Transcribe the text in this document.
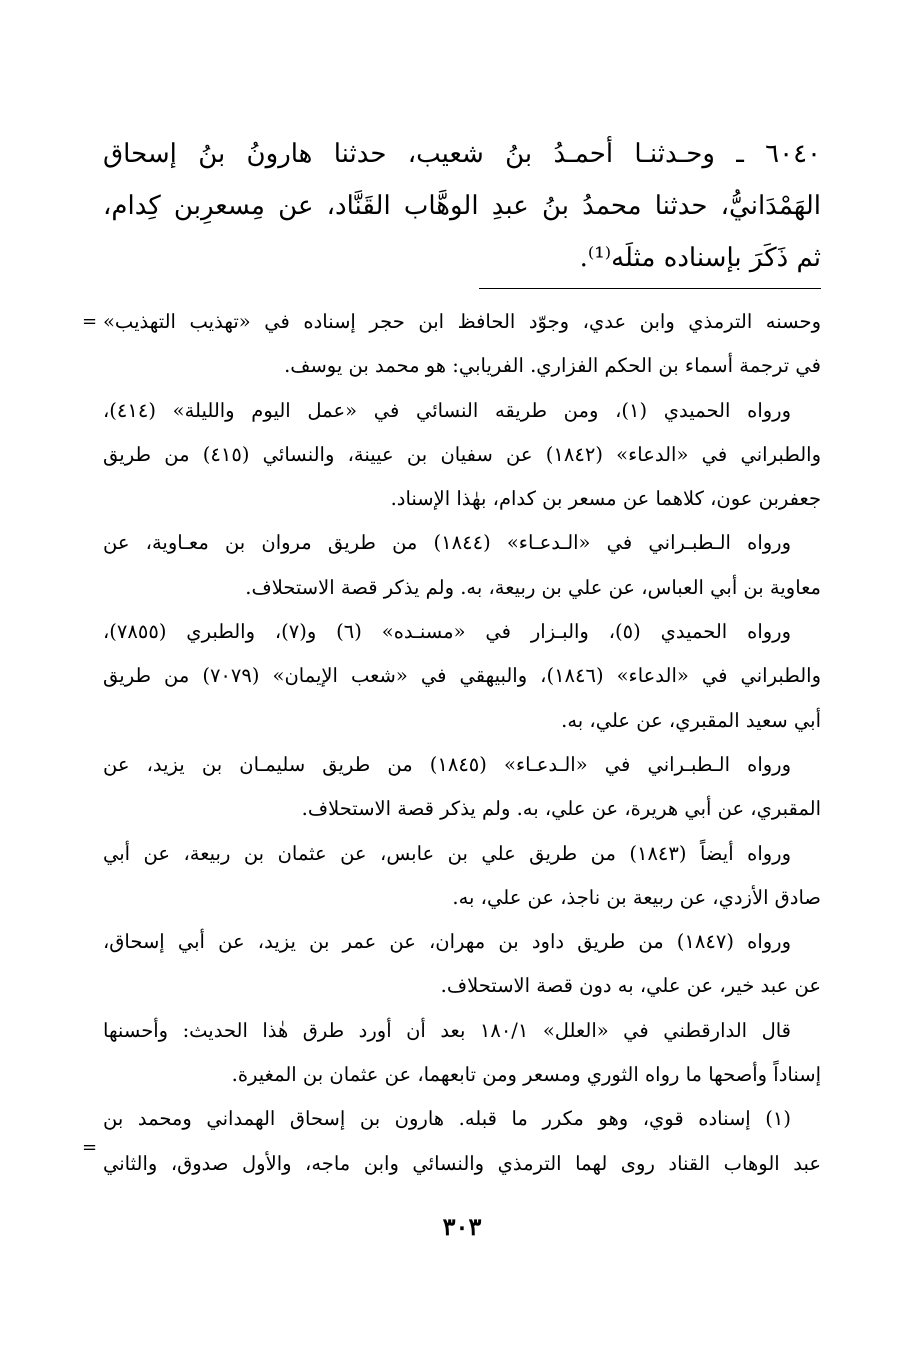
٦٠٤٠ ـ وحـدثنـا أحمـدُ بنُ شعيب، حدثنا هارونُ بنُ إسحاق
الهَمْدَانيُّ، حدثنا محمدُ بنُ عبدِ الوهَّاب القَنَّاد، عن مِسعرِبن كِدام،
ثم ذَكَرَ بإسناده مثلَه⁽¹⁾.
= وحسنه الترمذي وابن عدي، وجوّد الحافظ ابن حجر إسناده في «تهذيب التهذيب»
في ترجمة أسماء بن الحكم الفزاري. الفريابي: هو محمد بن يوسف.
ورواه الحميدي (١)، ومن طريقه النسائي في «عمل اليوم والليلة» (٤١٤)،
والطبراني في «الدعاء» (١٨٤٢) عن سفيان بن عيينة، والنسائي (٤١٥) من طريق
جعفربن عون، كلاهما عن مسعر بن كدام، بهٰذا الإسناد.
ورواه الـطبـراني في «الـدعـاء» (١٨٤٤) من طريق مروان بن معـاوية، عن
معاوية بن أبي العباس، عن علي بن ربيعة، به. ولم يذكر قصة الاستحلاف.
ورواه الحميدي (٥)، والبـزار في «مسنـده» (٦) و(٧)، والطبري (٧٨٥٥)،
والطبراني في «الدعاء» (١٨٤٦)، والبيهقي في «شعب الإيمان» (٧٠٧٩) من طريق
أبي سعيد المقبري، عن علي، به.
ورواه الـطبـراني في «الـدعـاء» (١٨٤٥) من طريق سليمـان بن يزيد، عن
المقبري، عن أبي هريرة، عن علي، به. ولم يذكر قصة الاستحلاف.
ورواه أيضاً (١٨٤٣) من طريق علي بن عابس، عن عثمان بن ربيعة، عن أبي
صادق الأزدي، عن ربيعة بن ناجذ، عن علي، به.
ورواه (١٨٤٧) من طريق داود بن مهران، عن عمر بن يزيد، عن أبي إسحاق،
عن عبد خير، عن علي، به دون قصة الاستحلاف.
قال الدارقطني في «العلل» ١٨٠/١ بعد أن أورد طرق هٰذا الحديث: وأحسنها
إسناداً وأصحها ما رواه الثوري ومسعر ومن تابعهما، عن عثمان بن المغيرة.
(١) إسناده قوي، وهو مكرر ما قبله. هارون بن إسحاق الهمداني ومحمد بن
عبد الوهاب القناد روى لهما الترمذي والنسائي وابن ماجه، والأول صدوق، والثاني
=
٣٠٣
